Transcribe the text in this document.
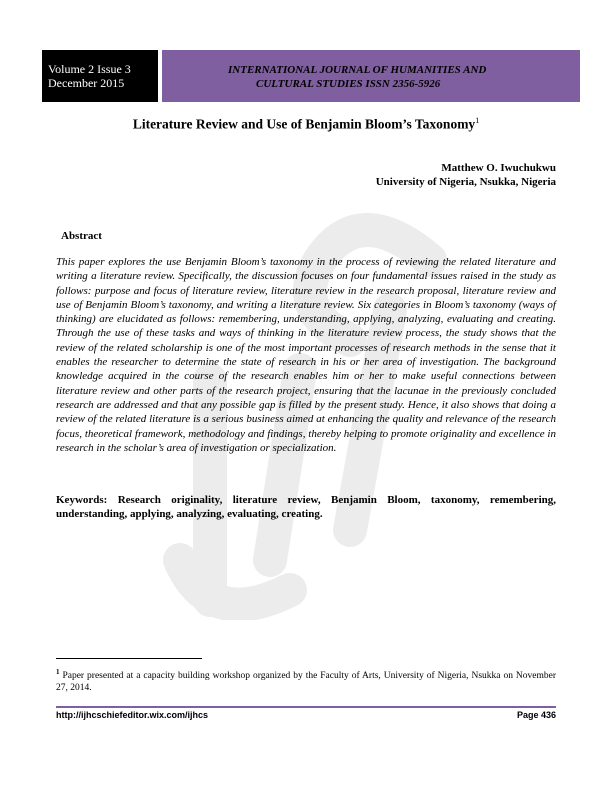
Volume 2 Issue 3
December 2015
INTERNATIONAL JOURNAL OF HUMANITIES AND
CULTURAL STUDIES ISSN 2356-5926
Literature Review and Use of Benjamin Bloom’s Taxonomy$^1$
Matthew O. Iwuchukwu
University of Nigeria, Nsukka, Nigeria
Abstract
This paper explores the use Benjamin Bloom’s taxonomy in the process of reviewing the related literature and writing a literature review. Specifically, the discussion focuses on four fundamental issues raised in the study as follows: purpose and focus of literature review, literature review in the research proposal, literature review and use of Benjamin Bloom’s taxonomy, and writing a literature review. Six categories in Bloom’s taxonomy (ways of thinking) are elucidated as follows: remembering, understanding, applying, analyzing, evaluating and creating. Through the use of these tasks and ways of thinking in the literature review process, the study shows that the review of the related scholarship is one of the most important processes of research methods in the sense that it enables the researcher to determine the state of research in his or her area of investigation. The background knowledge acquired in the course of the research enables him or her to make useful connections between literature review and other parts of the research project, ensuring that the lacunae in the previously concluded research are addressed and that any possible gap is filled by the present study. Hence, it also shows that doing a review of the related literature is a serious business aimed at enhancing the quality and relevance of the research focus, theoretical framework, methodology and findings, thereby helping to promote originality and excellence in research in the scholar’s area of investigation or specialization.
Keywords: Research originality, literature review, Benjamin Bloom, taxonomy, remembering, understanding, applying, analyzing, evaluating, creating.
$^1$ Paper presented at a capacity building workshop organized by the Faculty of Arts, University of Nigeria, Nsukka on November 27, 2014.
http://ijhcschiefeditor.wix.com/ijhcs	Page 436
